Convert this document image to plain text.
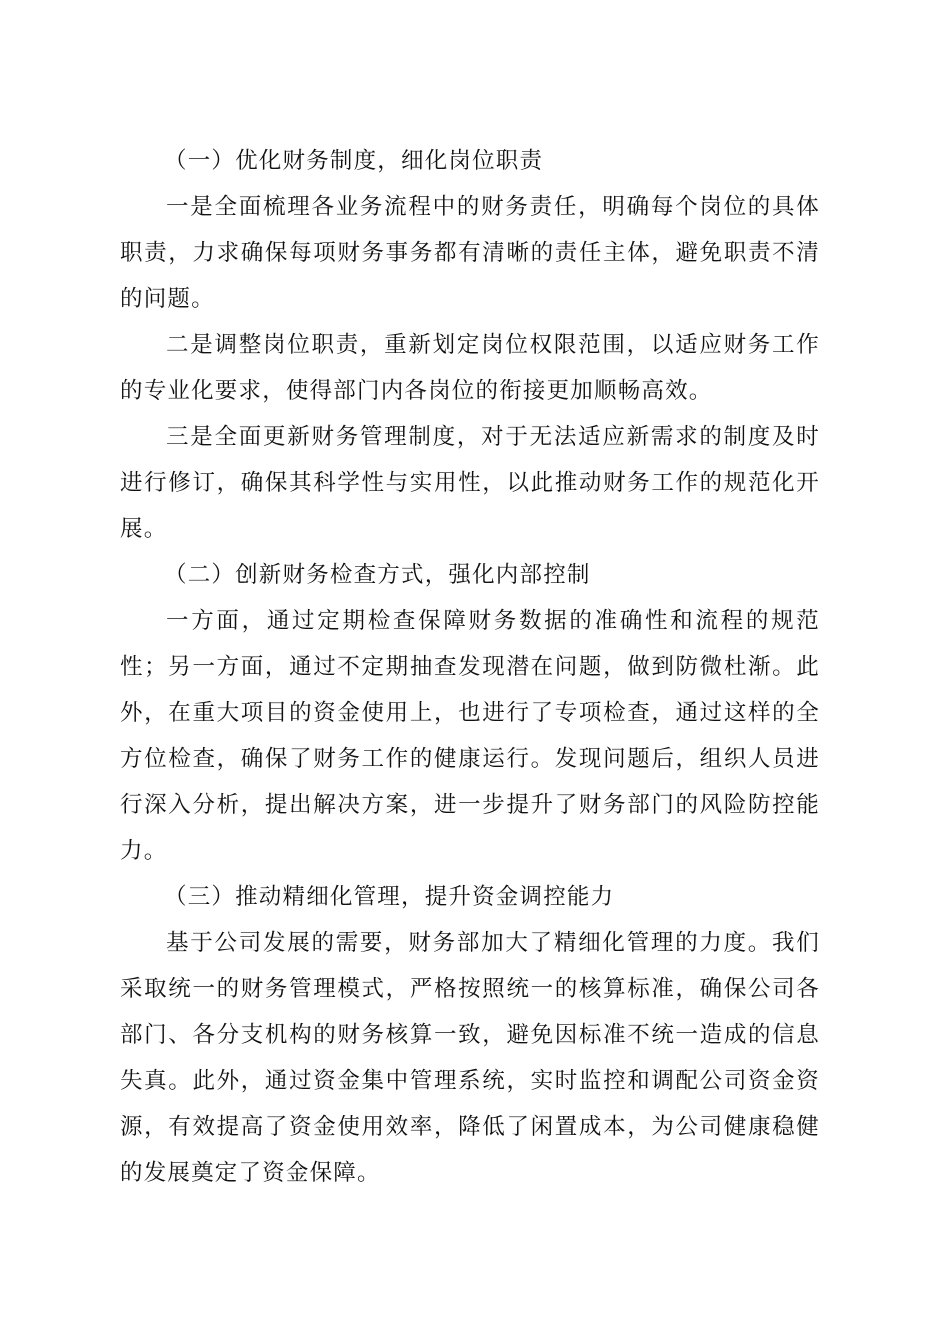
（一）优化财务制度，细化岗位职责

一是全面梳理各业务流程中的财务责任，明确每个岗位的具体职责，力求确保每项财务事务都有清晰的责任主体，避免职责不清的问题。

二是调整岗位职责，重新划定岗位权限范围，以适应财务工作的专业化要求，使得部门内各岗位的衔接更加顺畅高效。

三是全面更新财务管理制度，对于无法适应新需求的制度及时进行修订，确保其科学性与实用性，以此推动财务工作的规范化开展。

（二）创新财务检查方式，强化内部控制

一方面，通过定期检查保障财务数据的准确性和流程的规范性；另一方面，通过不定期抽查发现潜在问题，做到防微杜渐。此外，在重大项目的资金使用上，也进行了专项检查，通过这样的全方位检查，确保了财务工作的健康运行。发现问题后，组织人员进行深入分析，提出解决方案，进一步提升了财务部门的风险防控能力。

（三）推动精细化管理，提升资金调控能力

基于公司发展的需要，财务部加大了精细化管理的力度。我们采取统一的财务管理模式，严格按照统一的核算标准，确保公司各部门、各分支机构的财务核算一致，避免因标准不统一造成的信息失真。此外，通过资金集中管理系统，实时监控和调配公司资金资源，有效提高了资金使用效率，降低了闲置成本，为公司健康稳健的发展奠定了资金保障。
